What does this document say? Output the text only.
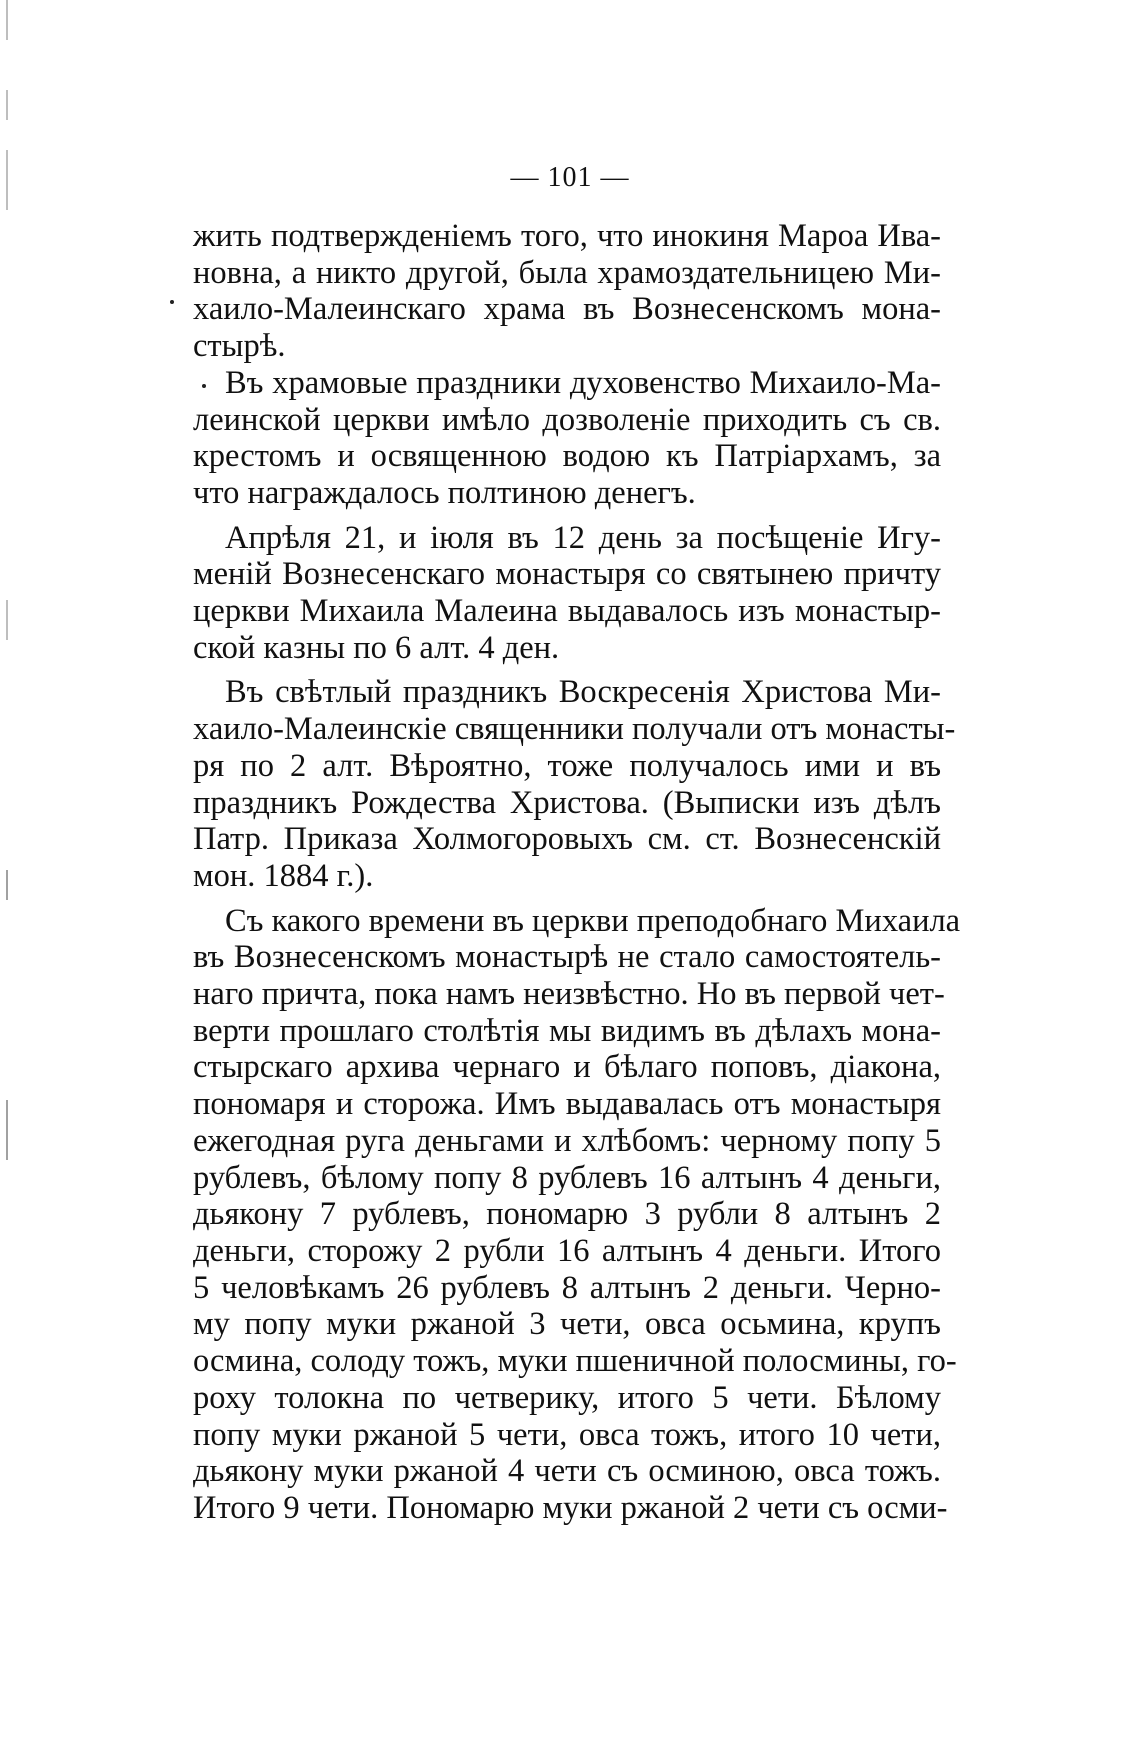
— 101 —
жить подтвержденіемъ того, что инокиня Мароа Ива-
новна, а никто другой, была храмоздательницею Ми-
хаило-Малеинскаго храма въ Вознесенскомъ мона-
стырѣ.
Въ храмовые праздники духовенство Михаило-Ма-
леинской церкви имѣло дозволеніе приходить съ св.
крестомъ и освященною водою къ Патріархамъ, за
что награждалось полтиною денегъ.
Апрѣля 21, и іюля въ 12 день за посѣщеніе Игу-
меній Вознесенскаго монастыря со святынею причту
церкви Михаила Малеина выдавалось изъ монастыр-
ской казны по 6 алт. 4 ден.
Въ свѣтлый праздникъ Воскресенія Христова Ми-
хаило-Малеинскіе священники получали отъ монасты-
ря по 2 алт. Вѣроятно, тоже получалось ими и въ
праздникъ Рождества Христова. (Выписки изъ дѣлъ
Патр. Приказа Холмогоровыхъ см. ст. Вознесенскій
мон. 1884 г.).
Съ какого времени въ церкви преподобнаго Михаила
въ Вознесенскомъ монастырѣ не стало самостоятель-
наго причта, пока намъ неизвѣстно. Но въ первой чет-
верти прошлаго столѣтія мы видимъ въ дѣлахъ мона-
стырскаго архива чернаго и бѣлаго поповъ, діакона,
пономаря и сторожа. Имъ выдавалась отъ монастыря
ежегодная руга деньгами и хлѣбомъ: черному попу 5
рублевъ, бѣлому попу 8 рублевъ 16 алтынъ 4 деньги,
дьякону 7 рублевъ, пономарю 3 рубли 8 алтынъ 2
деньги, сторожу 2 рубли 16 алтынъ 4 деньги. Итого
5 человѣкамъ 26 рублевъ 8 алтынъ 2 деньги. Черно-
му попу муки ржаной 3 чети, овса осьмина, крупъ
осмина, солоду тожъ, муки пшеничной полосмины, го-
роху толокна по четверику, итого 5 чети. Бѣлому
попу муки ржаной 5 чети, овса тожъ, итого 10 чети,
дьякону муки ржаной 4 чети съ осминою, овса тожъ.
Итого 9 чети. Пономарю муки ржаной 2 чети съ осми-
